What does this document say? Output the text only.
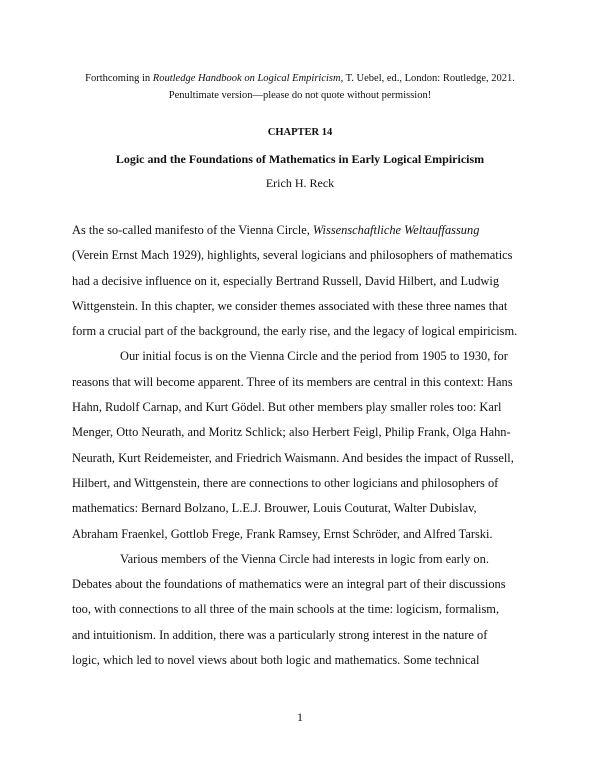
Forthcoming in Routledge Handbook on Logical Empiricism, T. Uebel, ed., London: Routledge, 2021.
Penultimate version—please do not quote without permission!
CHAPTER 14
Logic and the Foundations of Mathematics in Early Logical Empiricism
Erich H. Reck
As the so-called manifesto of the Vienna Circle, Wissenschaftliche Weltauffassung
(Verein Ernst Mach 1929), highlights, several logicians and philosophers of mathematics
had a decisive influence on it, especially Bertrand Russell, David Hilbert, and Ludwig
Wittgenstein. In this chapter, we consider themes associated with these three names that
form a crucial part of the background, the early rise, and the legacy of logical empiricism.
Our initial focus is on the Vienna Circle and the period from 1905 to 1930, for
reasons that will become apparent. Three of its members are central in this context: Hans
Hahn, Rudolf Carnap, and Kurt Gödel. But other members play smaller roles too: Karl
Menger, Otto Neurath, and Moritz Schlick; also Herbert Feigl, Philip Frank, Olga Hahn-
Neurath, Kurt Reidemeister, and Friedrich Waismann. And besides the impact of Russell,
Hilbert, and Wittgenstein, there are connections to other logicians and philosophers of
mathematics: Bernard Bolzano, L.E.J. Brouwer, Louis Couturat, Walter Dubislav,
Abraham Fraenkel, Gottlob Frege, Frank Ramsey, Ernst Schröder, and Alfred Tarski.
Various members of the Vienna Circle had interests in logic from early on.
Debates about the foundations of mathematics were an integral part of their discussions
too, with connections to all three of the main schools at the time: logicism, formalism,
and intuitionism. In addition, there was a particularly strong interest in the nature of
logic, which led to novel views about both logic and mathematics. Some technical
1
